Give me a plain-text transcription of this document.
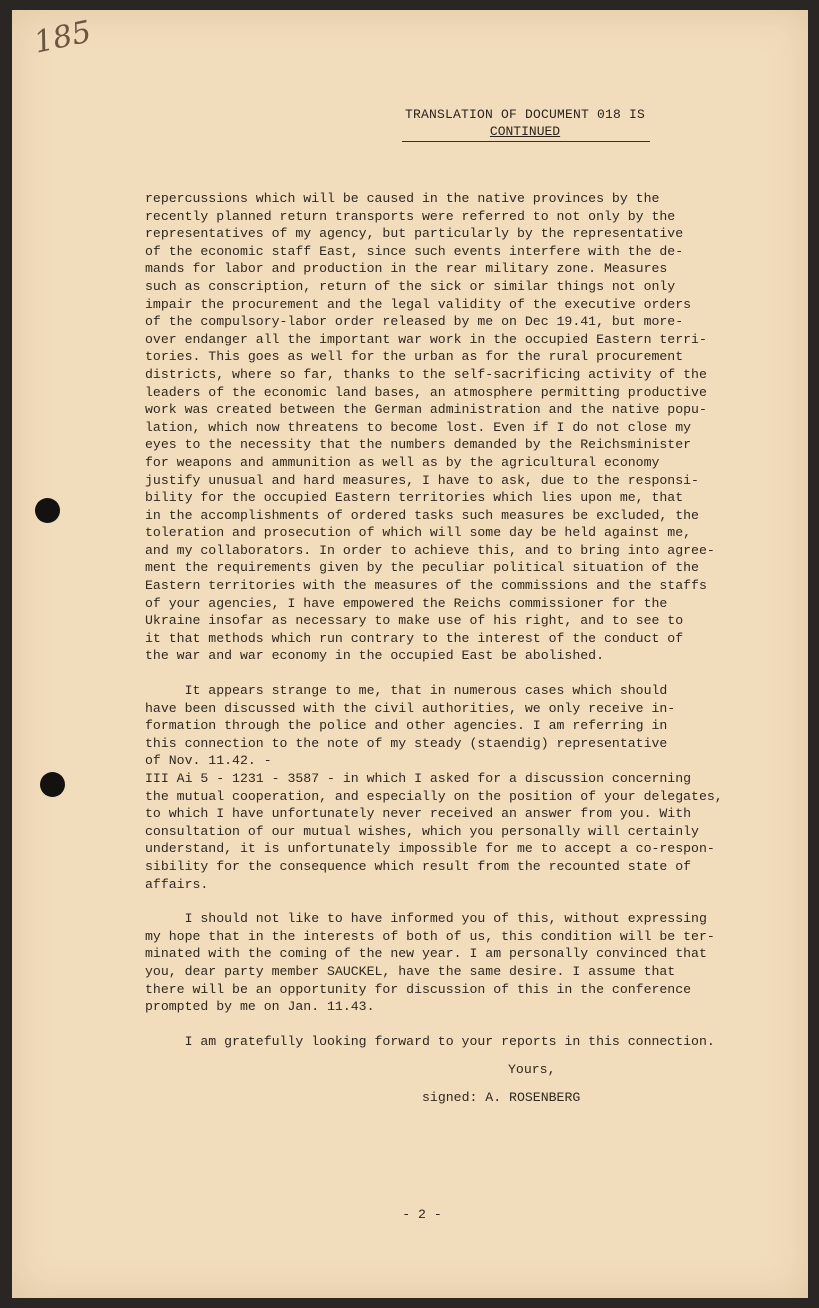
185
TRANSLATION OF DOCUMENT 018 IS
CONTINUED
repercussions which will be caused in the native provinces by the
recently planned return transports were referred to not only by the
representatives of my agency, but particularly by the representative
of the economic staff East, since such events interfere with the de-
mands for labor and production in the rear military zone. Measures
such as conscription, return of the sick or similar things not only
impair the procurement and the legal validity of the executive orders
of the compulsory-labor order released by me on Dec 19.41, but more-
over endanger all the important war work in the occupied Eastern terri-
tories. This goes as well for the urban as for the rural procurement
districts, where so far, thanks to the self-sacrificing activity of the
leaders of the economic land bases, an atmosphere permitting productive
work was created between the German administration and the native popu-
lation, which now threatens to become lost. Even if I do not close my
eyes to the necessity that the numbers demanded by the Reichsminister
for weapons and ammunition as well as by the agricultural economy
justify unusual and hard measures, I have to ask, due to the responsi-
bility for the occupied Eastern territories which lies upon me, that
in the accomplishments of ordered tasks such measures be excluded, the
toleration and prosecution of which will some day be held against me,
and my collaborators. In order to achieve this, and to bring into agree-
ment the requirements given by the peculiar political situation of the
Eastern territories with the measures of the commissions and the staffs
of your agencies, I have empowered the Reichs commissioner for the
Ukraine insofar as necessary to make use of his right, and to see to
it that methods which run contrary to the interest of the conduct of
the war and war economy in the occupied East be abolished.
It appears strange to me, that in numerous cases which should
have been discussed with the civil authorities, we only receive in-
formation through the police and other agencies. I am referring in
this connection to the note of my steady (staendig) representative
of Nov. 11.42. -
III Ai 5 - 1231 - 3587 - in which I asked for a discussion concerning
the mutual cooperation, and especially on the position of your delegates,
to which I have unfortunately never received an answer from you. With
consultation of our mutual wishes, which you personally will certainly
understand, it is unfortunately impossible for me to accept a co-respon-
sibility for the consequence which result from the recounted state of
affairs.
I should not like to have informed you of this, without expressing
my hope that in the interests of both of us, this condition will be ter-
minated with the coming of the new year. I am personally convinced that
you, dear party member SAUCKEL, have the same desire. I assume that
there will be an opportunity for discussion of this in the conference
prompted by me on Jan. 11.43.
I am gratefully looking forward to your reports in this connection.
Yours,
signed: A. ROSENBERG
- 2 -
